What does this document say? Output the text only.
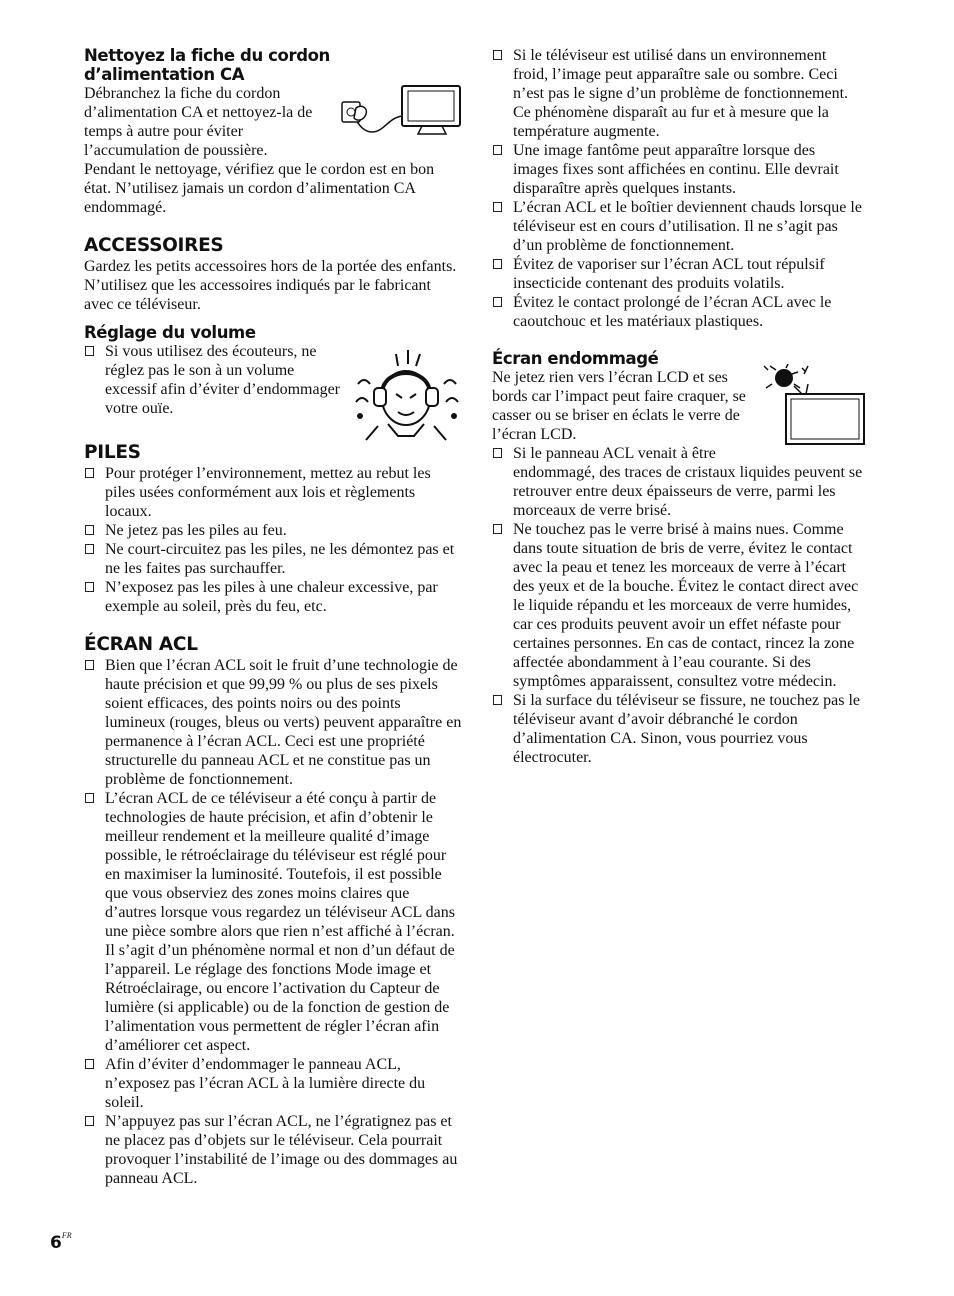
Nettoyez la fiche du cordon
d’alimentation CA

Débranchez la fiche du cordon d’alimentation CA et nettoyez-la de temps à autre pour éviter l’accumulation de poussière.

Pendant le nettoyage, vérifiez que le cordon est en bon état. N’utilisez jamais un cordon d’alimentation CA endommagé.

ACCESSOIRES

Gardez les petits accessoires hors de la portée des enfants. N’utilisez que les accessoires indiqués par le fabricant avec ce téléviseur.

Réglage du volume
Si vous utilisez des écouteurs, ne réglez pas le son à un volume excessif afin d’éviter d’endommager votre ouïe.
PILES
Pour protéger l’environnement, mettez au rebut les piles usées conformément aux lois et règlements locaux.
Ne jetez pas les piles au feu.
Ne court-circuitez pas les piles, ne les démontez pas et ne les faites pas surchauffer.
N’exposez pas les piles à une chaleur excessive, par exemple au soleil, près du feu, etc.
ÉCRAN ACL
Bien que l’écran ACL soit le fruit d’une technologie de haute précision et que 99,99 % ou plus de ses pixels soient efficaces, des points noirs ou des points lumineux (rouges, bleus ou verts) peuvent apparaître en permanence à l’écran ACL. Ceci est une propriété structurelle du panneau ACL et ne constitue pas un problème de fonctionnement.
L’écran ACL de ce téléviseur a été conçu à partir de technologies de haute précision, et afin d’obtenir le meilleur rendement et la meilleure qualité d’image possible, le rétroéclairage du téléviseur est réglé pour en maximiser la luminosité. Toutefois, il est possible que vous observiez des zones moins claires que d’autres lorsque vous regardez un téléviseur ACL dans une pièce sombre alors que rien n’est affiché à l’écran. Il s’agit d’un phénomène normal et non d’un défaut de l’appareil. Le réglage des fonctions Mode image et Rétroéclairage, ou encore l’activation du Capteur de lumière (si applicable) ou de la fonction de gestion de l’alimentation vous permettent de régler l’écran afin d’améliorer cet aspect.
Afin d’éviter d’endommager le panneau ACL, n’exposez pas l’écran ACL à la lumière directe du soleil.
N’appuyez pas sur l’écran ACL, ne l’égratignez pas et ne placez pas d’objets sur le téléviseur. Cela pourrait provoquer l’instabilité de l’image ou des dommages au panneau ACL.
Si le téléviseur est utilisé dans un environnement froid, l’image peut apparaître sale ou sombre. Ceci n’est pas le signe d’un problème de fonctionnement. Ce phénomène disparaît au fur et à mesure que la température augmente.
Une image fantôme peut apparaître lorsque des images fixes sont affichées en continu. Elle devrait disparaître après quelques instants.
L’écran ACL et le boîtier deviennent chauds lorsque le téléviseur est en cours d’utilisation. Il ne s’agit pas d’un problème de fonctionnement.
Évitez de vaporiser sur l’écran ACL tout répulsif insecticide contenant des produits volatils.
Évitez le contact prolongé de l’écran ACL avec le caoutchouc et les matériaux plastiques.
Écran endommagé

Ne jetez rien vers l’écran LCD et ses bords car l’impact peut faire craquer, se casser ou se briser en éclats le verre de l’écran LCD.

Si le panneau ACL venait à être endommagé, des traces de cristaux liquides peuvent se retrouver entre deux épaisseurs de verre, parmi les morceaux de verre brisé.
Ne touchez pas le verre brisé à mains nues. Comme dans toute situation de bris de verre, évitez le contact avec la peau et tenez les morceaux de verre à l’écart des yeux et de la bouche. Évitez le contact direct avec le liquide répandu et les morceaux de verre humides, car ces produits peuvent avoir un effet néfaste pour certaines personnes. En cas de contact, rincez la zone affectée abondamment à l’eau courante. Si des symptômes apparaissent, consultez votre médecin.
Si la surface du téléviseur se fissure, ne touchez pas le téléviseur avant d’avoir débranché le cordon d’alimentation CA. Sinon, vous pourriez vous électrocuter.
$6^{FR}$
